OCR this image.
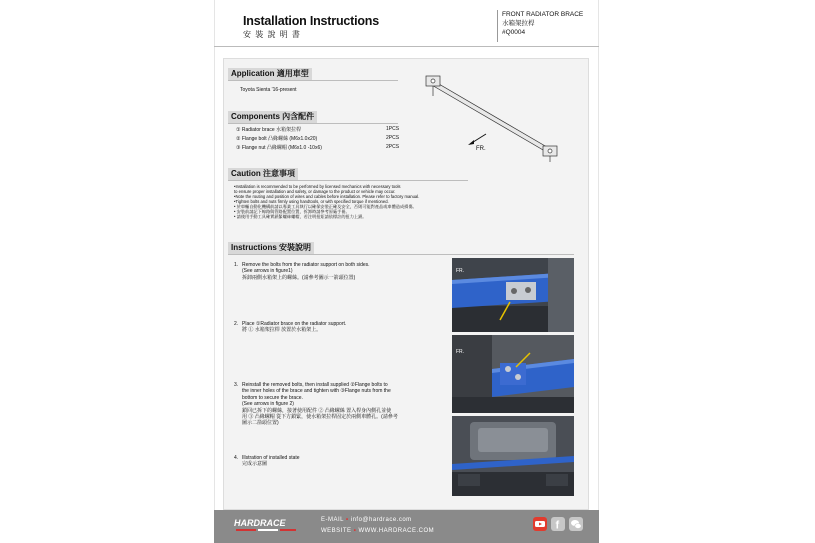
Installation Instructions
安 裝 說 明 書
FRONT RADIATOR BRACE
水箱架拉桿
#Q0004
Application 適用車型
Toyota Sienta '16-present
FR.
Components 內含配件
① Radiator brace 水箱架拉桿	1PCS
② Flange bolt 凸緣螺絲 (M6x1.0x20)	2PCS
③ Flange nut 凸緣螺帽 (M6x1.0 -10x6)	2PCS
Caution 注意事項
•Installation is recommended to be performed by licensed mechanics with necessary tools
to ensure proper installation and safety, or damage to the product or vehicle may occur.
•Note the routing and position of wires and cables before installation. Please refer to factory manual.
•Tighten bolts and nuts firmly using handtools, or with specified torque if mentioned.
• 於車輛自動化機構前請以專業工具執行以確保安裝正確及安全，否則可能對產品或車體造成損傷。
• 安裝前請記下線路與管路配置位置，拆卸時請參考原廠手冊。
• 請使用手動工具確實鎖緊螺絲螺帽，若注明扭矩請依標註的扭力上鎖。
Instructions 安裝說明
1. Remove the bolts from the radiator support on both sides.
(See arrows in figure1)
拆卸兩側水箱架上的螺絲。(請參考圖示一箭頭位置)
2. Place ①Radiator brace on the radiator support.
將 ① 水箱架拉桿 放置於水箱架上。
3. Reinstall the removed bolts, then install supplied ②Flange bolts to
the inner holes of the brace and tighten with ③Flange nuts from the
bottom to secure the brace.
(See arrows in figure 2)
鎖回已拆下的螺絲，接著使用配件 ② 凸緣螺絲 置入桿身內側孔並使
用 ③ 凸緣螺帽 從下方鎖緊，使水箱架拉桿固定於兩側車體孔。(請參考
圖示二箭頭位置)
4. Illstration of installed state
完成示意圖
FR.
FR.
HARDRACE	E-MAIL • info@hardrace.com
WEBSITE • WWW.HARDRACE.COM	f
